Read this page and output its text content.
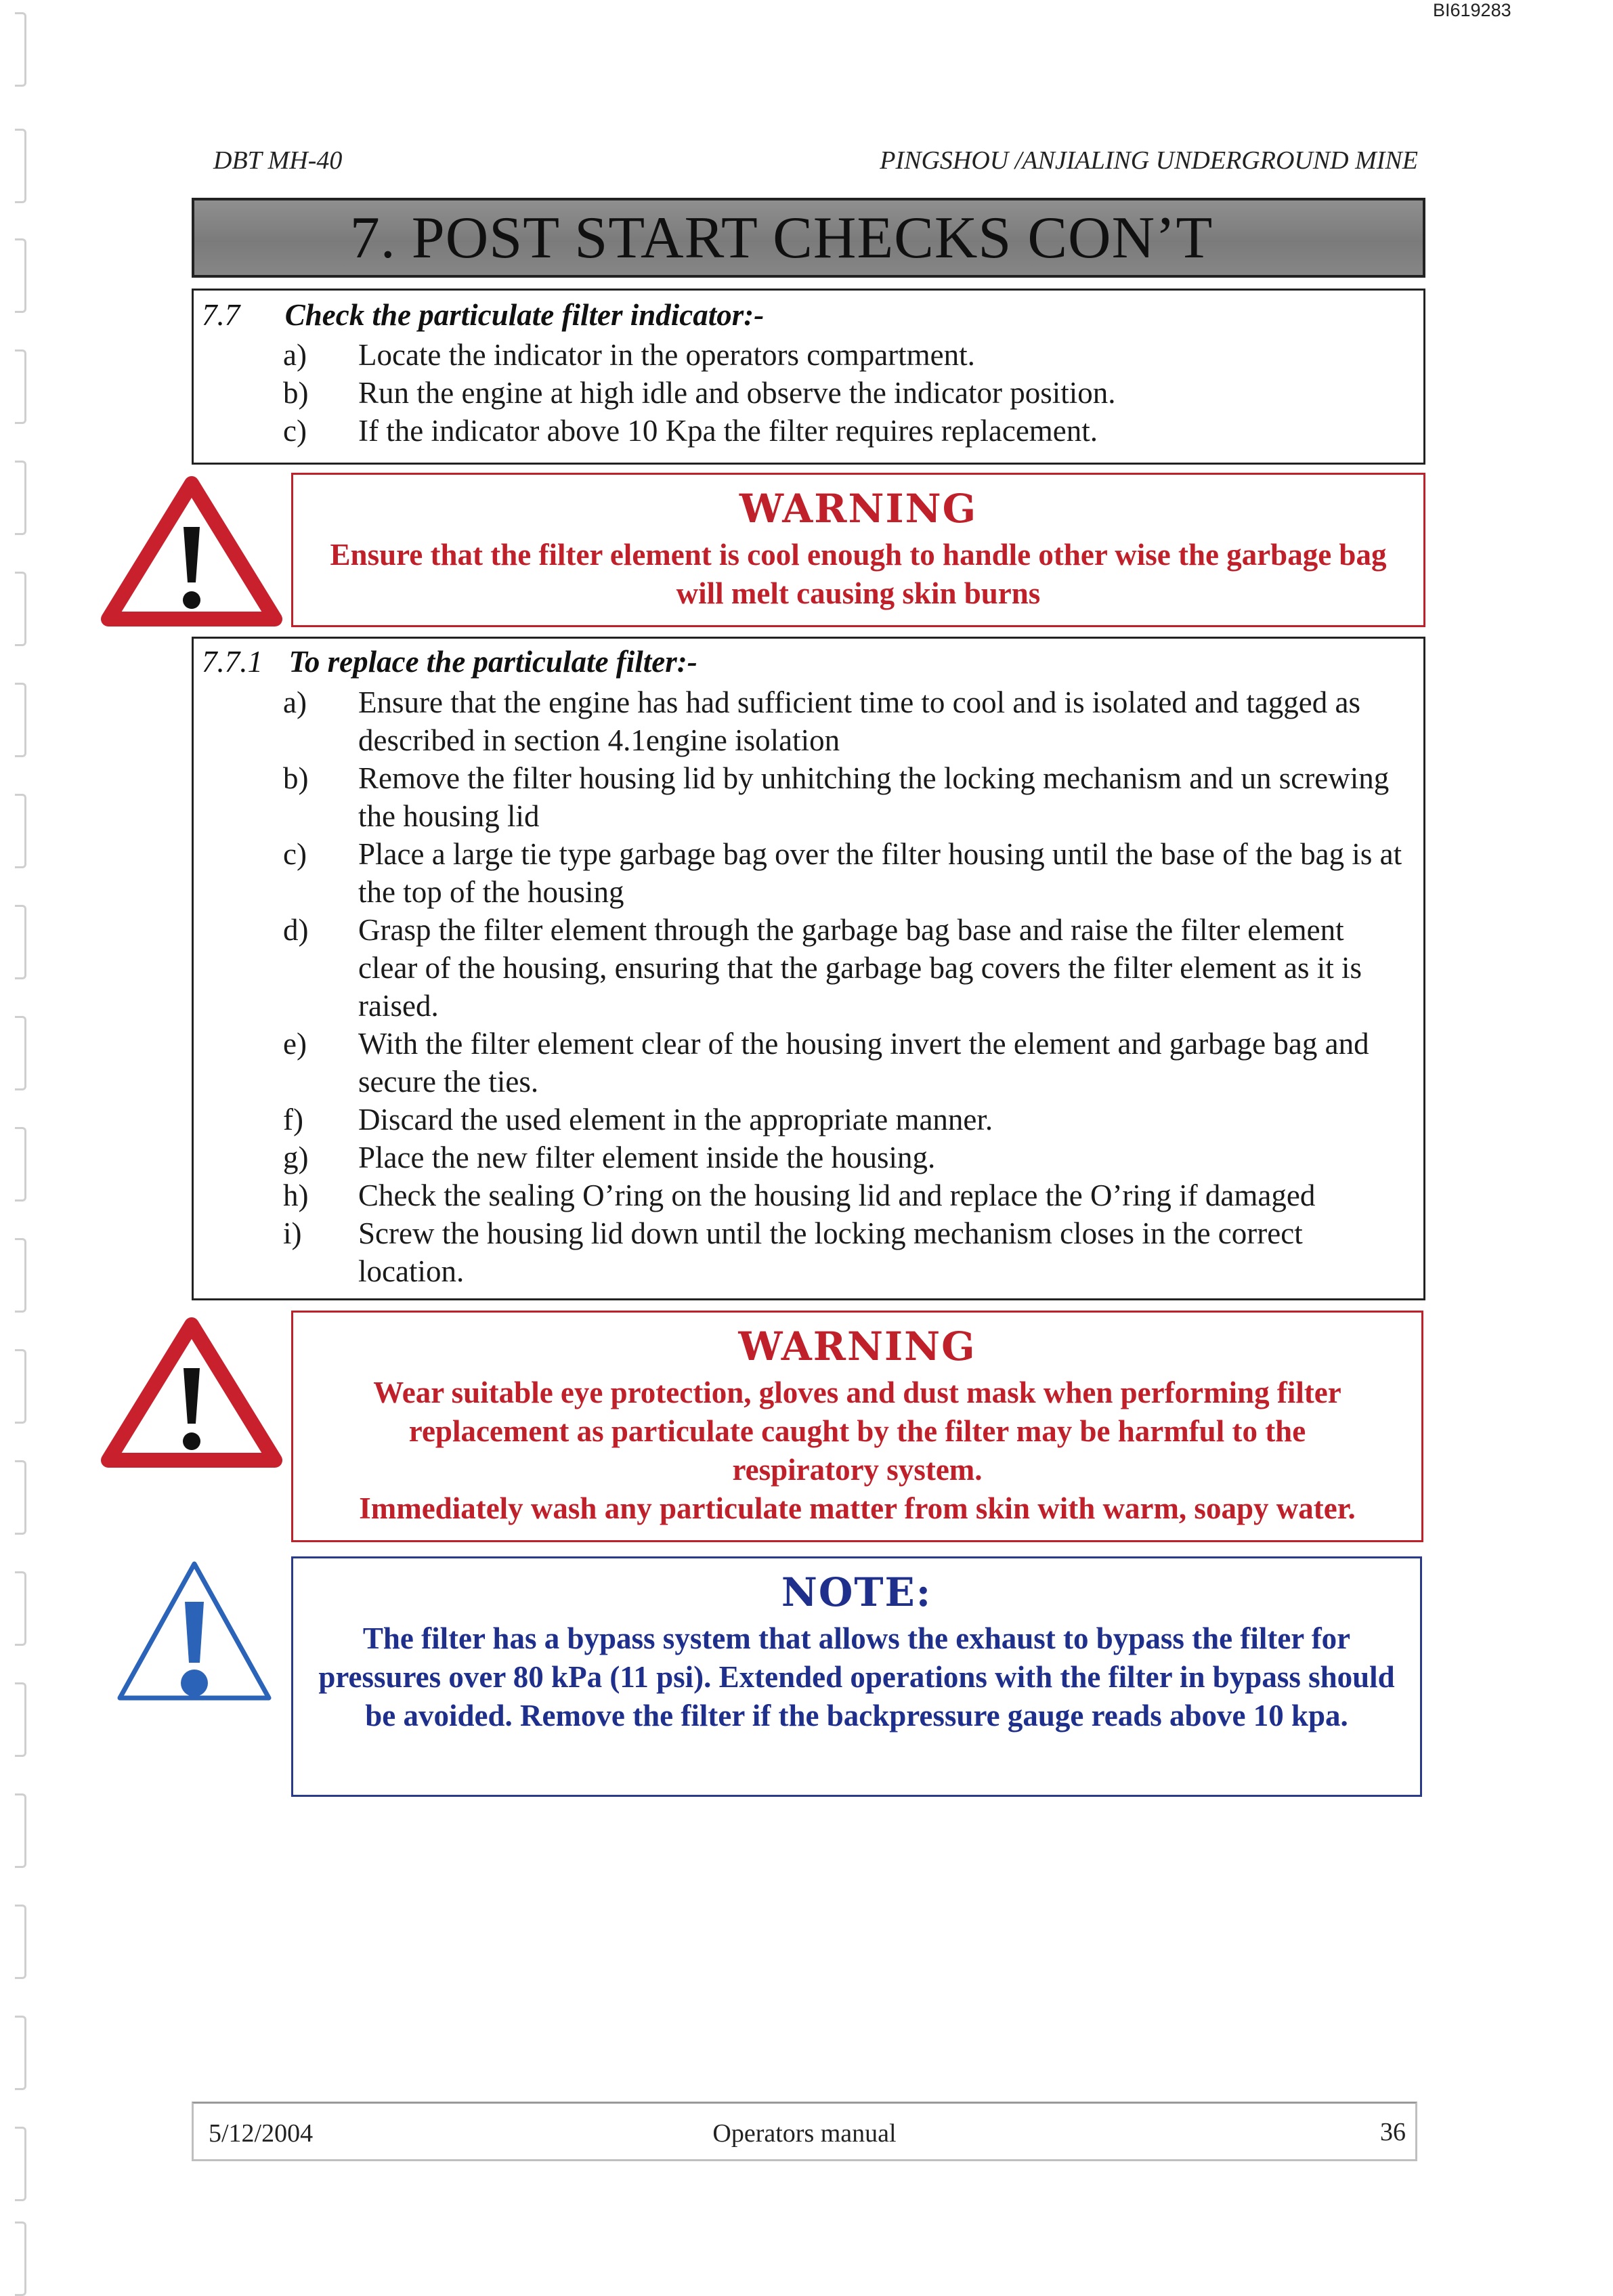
BI619283
DBT MH-40	PINGSHOU /ANJIALING UNDERGROUND MINE
7. POST START CHECKS CON’T
7.7 Check the particulate filter indicator:-
a) Locate the indicator in the operators compartment.
b) Run the engine at high idle and observe the indicator position.
c) If the indicator above 10 Kpa the filter requires replacement.
WARNING

Ensure that the filter element is cool enough to handle other wise the garbage bag will melt causing skin burns

7.7.1 To replace the particulate filter:-
a) Ensure that the engine has had sufficient time to cool and is isolated and tagged as described in section 4.1engine isolation
b) Remove the filter housing lid by unhitching the locking mechanism and un screwing the housing lid
c) Place a large tie type garbage bag over the filter housing until the base of the bag is at the top of the housing
d) Grasp the filter element through the garbage bag base and raise the filter element clear of the housing, ensuring that the garbage bag covers the filter element as it is raised.
e) With the filter element clear of the housing invert the element and garbage bag and secure the ties.
f) Discard the used element in the appropriate manner.
g) Place the new filter element inside the housing.
h) Check the sealing O’ring on the housing lid and replace the O’ring if damaged
i) Screw the housing lid down until the locking mechanism closes in the correct location.
WARNING

Wear suitable eye protection, gloves and dust mask when performing filter replacement as particulate caught by the filter may be harmful to the respiratory system.

Immediately wash any particulate matter from skin with warm, soapy water.

NOTE:

The filter has a bypass system that allows the exhaust to bypass the filter for pressures over 80 kPa (11 psi). Extended operations with the filter in bypass should be avoided. Remove the filter if the backpressure gauge reads above 10 kpa.

5/12/2004	Operators manual	36
